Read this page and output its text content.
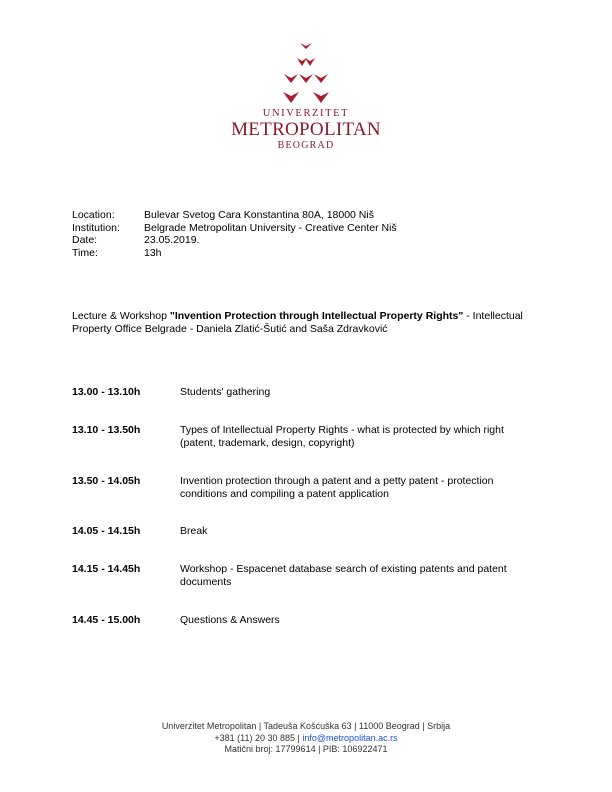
UNIVERZITET
METROPOLITAN
BEOGRAD
Location:	Bulevar Svetog Cara Konstantina 80A, 18000 Niš
Institution:	Belgrade Metropolitan University - Creative Center Niš
Date:	23.05.2019.
Time:	13h
Lecture & Workshop "Invention Protection through Intellectual Property Rights" - Intellectual Property Office Belgrade - Daniela Zlatić-Šutić and Saša Zdravković
13.00 - 13.10h	Students' gathering
13.10 - 13.50h	Types of Intellectual Property Rights - what is protected by which right (patent, trademark, design, copyright)
13.50 - 14.05h	Invention protection through a patent and a petty patent - protection conditions and compiling a patent application
14.05 - 14.15h	Break
14.15 - 14.45h	Workshop - Espacenet database search of existing patents and patent documents
14.45 - 15.00h	Questions & Answers
Univerzitet Metropolitan | Tadeuša Košćuška 63 | 11000 Beograd | Srbija
+381 (11) 20 30 885 | info@metropolitan.ac.rs
Matični broj: 17799614 | PIB: 106922471
